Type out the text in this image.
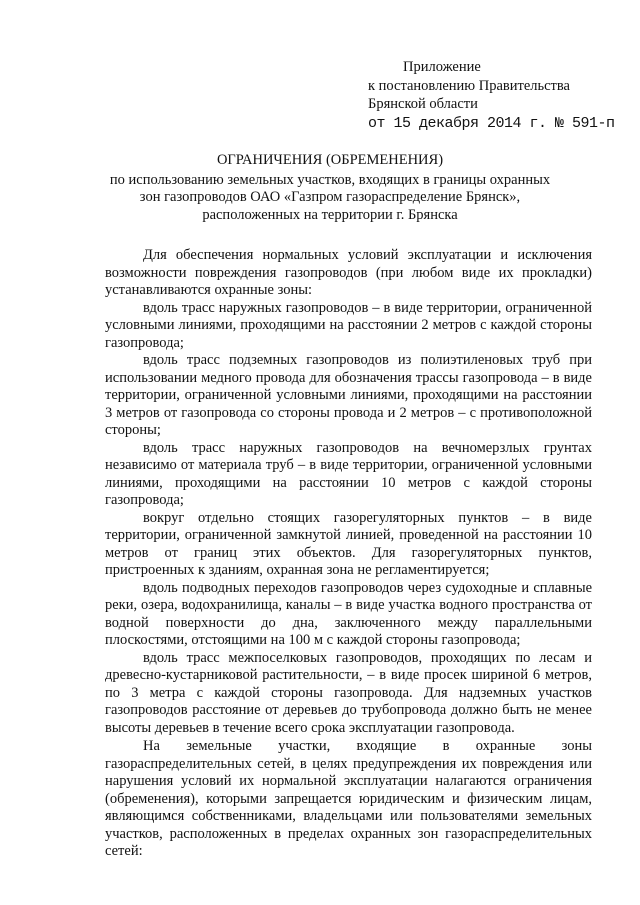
Приложение
к постановлению Правительства
Брянской области
от 15 декабря 2014 г. № 591-п
ОГРАНИЧЕНИЯ (ОБРЕМЕНЕНИЯ)
по использованию земельных участков, входящих в границы охранных
зон газопроводов ОАО «Газпром газораспределение Брянск»,
расположенных на территории г. Брянска

Для обеспечения нормальных условий эксплуатации и исключения возможности повреждения газопроводов (при любом виде их прокладки) устанавливаются охранные зоны:

вдоль трасс наружных газопроводов – в виде территории, ограниченной условными линиями, проходящими на расстоянии 2 метров с каждой стороны газопровода;

вдоль трасс подземных газопроводов из полиэтиленовых труб при использовании медного провода для обозначения трассы газопровода – в виде территории, ограниченной условными линиями, проходящими на расстоянии 3 метров от газопровода со стороны провода и 2 метров – с противоположной стороны;

вдоль трасс наружных газопроводов на вечномерзлых грунтах независимо от материала труб – в виде территории, ограниченной условными линиями, проходящими на расстоянии 10 метров с каждой стороны газопровода;

вокруг отдельно стоящих газорегуляторных пунктов – в виде территории, ограниченной замкнутой линией, проведенной на расстоянии 10 метров от границ этих объектов. Для газорегуляторных пунктов, пристроенных к зданиям, охранная зона не регламентируется;

вдоль подводных переходов газопроводов через судоходные и сплавные реки, озера, водохранилища, каналы – в виде участка водного пространства от водной поверхности до дна, заключенного между параллельными плоскостями, отстоящими на 100 м с каждой стороны газопровода;

вдоль трасс межпоселковых газопроводов, проходящих по лесам и древесно-кустарниковой растительности, – в виде просек шириной 6 метров, по 3 метра с каждой стороны газопровода. Для надземных участков газопроводов расстояние от деревьев до трубопровода должно быть не менее высоты деревьев в течение всего срока эксплуатации газопровода.

На земельные участки, входящие в охранные зоны газораспределительных сетей, в целях предупреждения их повреждения или нарушения условий их нормальной эксплуатации налагаются ограничения (обременения), которыми запрещается юридическим и физическим лицам, являющимся собственниками, владельцами или пользователями земельных участков, расположенных в пределах охранных зон газораспределительных сетей:
